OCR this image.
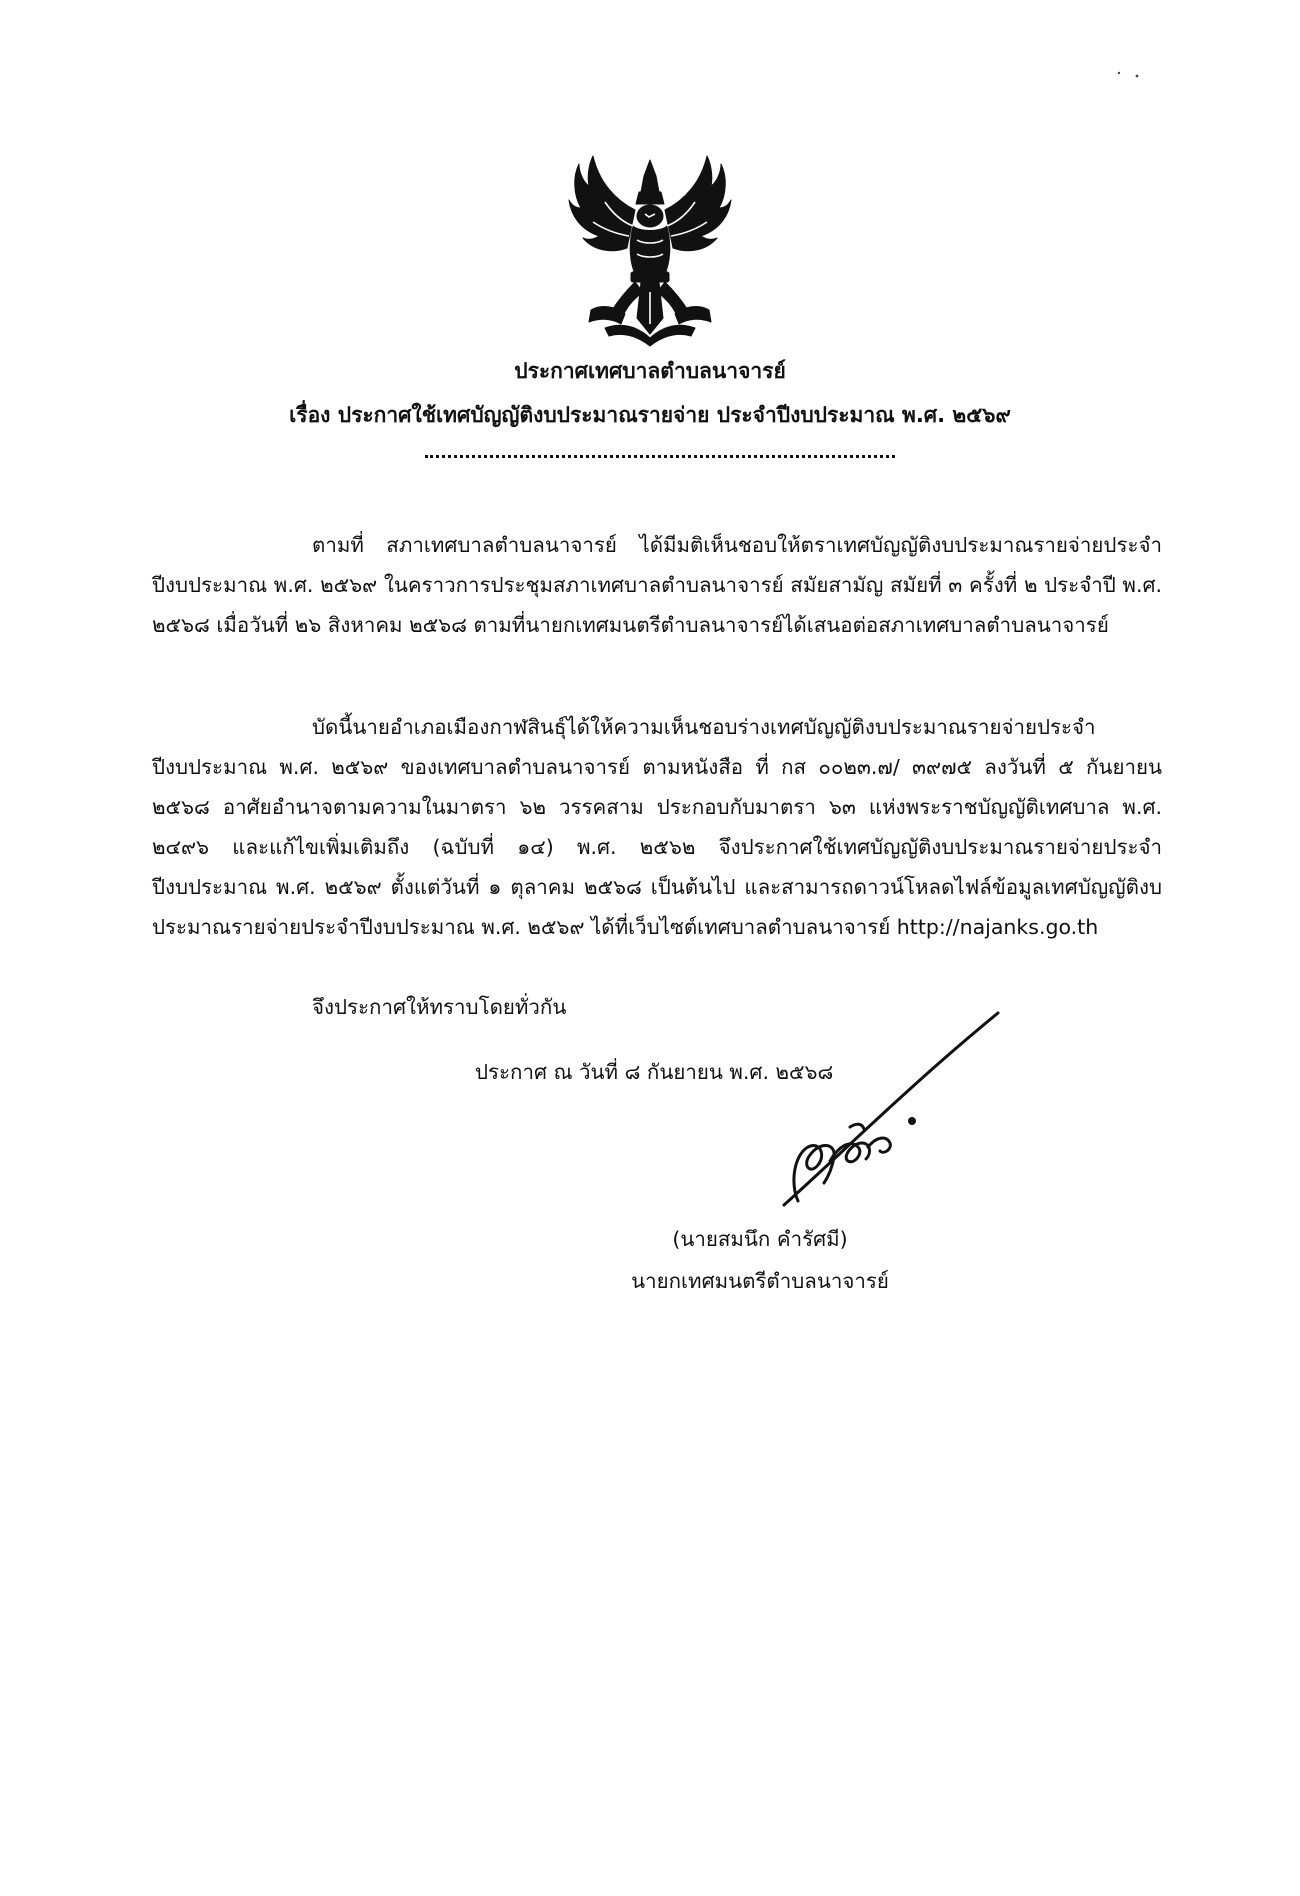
ประกาศเทศบาลตำบลนาจารย์
เรื่อง ประกาศใช้เทศบัญญัติงบประมาณรายจ่าย ประจำปีงบประมาณ พ.ศ. ๒๕๖๙

ตามที่ สภาเทศบาลตำบลนาจารย์ ได้มีมติเห็นชอบให้ตราเทศบัญญัติงบประมาณรายจ่ายประจำปีงบประมาณ พ.ศ. ๒๕๖๙ ในคราวการประชุมสภาเทศบาลตำบลนาจารย์ สมัยสามัญ สมัยที่ ๓ ครั้งที่ ๒ ประจำปี พ.ศ. ๒๕๖๘ เมื่อวันที่ ๒๖ สิงหาคม ๒๕๖๘ ตามที่นายกเทศมนตรีตำบลนาจารย์ได้เสนอต่อสภาเทศบาลตำบลนาจารย์

บัดนี้นายอำเภอเมืองกาฬสินธุ์ได้ให้ความเห็นชอบร่างเทศบัญญัติงบประมาณรายจ่ายประจำปีงบประมาณ พ.ศ. ๒๕๖๙ ของเทศบาลตำบลนาจารย์ ตามหนังสือ ที่ กส ๐๐๒๓.๗/ ๓๙๗๕ ลงวันที่ ๕ กันยายน ๒๕๖๘ อาศัยอำนาจตามความในมาตรา ๖๒ วรรคสาม ประกอบกับมาตรา ๖๓ แห่งพระราชบัญญัติเทศบาล พ.ศ. ๒๔๙๖ และแก้ไขเพิ่มเติมถึง (ฉบับที่ ๑๔) พ.ศ. ๒๕๖๒ จึงประกาศใช้เทศบัญญัติงบประมาณรายจ่ายประจำปีงบประมาณ พ.ศ. ๒๕๖๙ ตั้งแต่วันที่ ๑ ตุลาคม ๒๕๖๘ เป็นต้นไป และสามารถดาวน์โหลดไฟล์ข้อมูลเทศบัญญัติงบประมาณรายจ่ายประจำปีงบประมาณ พ.ศ. ๒๕๖๙ ได้ที่เว็บไซต์เทศบาลตำบลนาจารย์ http://najanks.go.th

จึงประกาศให้ทราบโดยทั่วกัน
ประกาศ ณ วันที่ ๘ กันยายน พ.ศ. ๒๕๖๘
(นายสมนึก คำรัศมี)
นายกเทศมนตรีตำบลนาจารย์
